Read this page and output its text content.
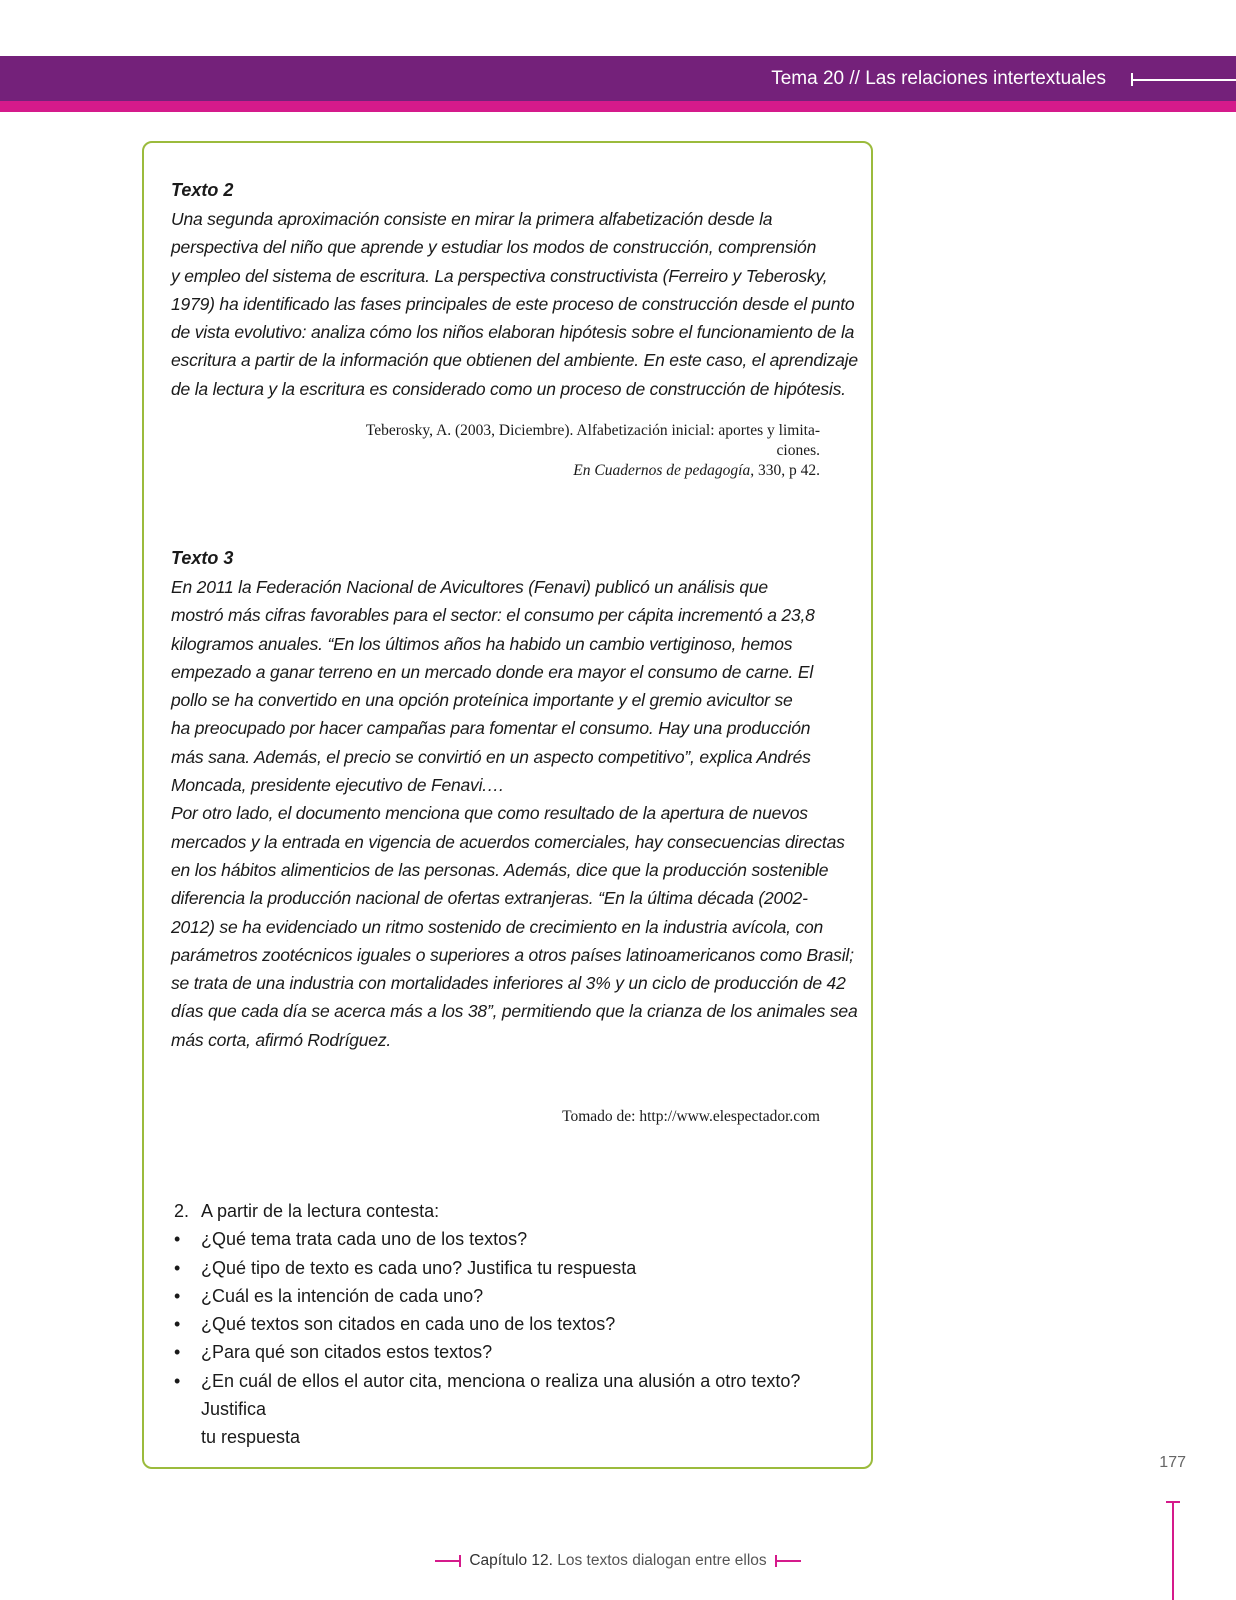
Tema 20 // Las relaciones intertextuales
Texto 2

Una segunda aproximación consiste en mirar la primera alfabetización desde la
perspectiva del niño que aprende y estudiar los modos de construcción, comprensión
y empleo del sistema de escritura. La perspectiva constructivista (Ferreiro y Teberosky,
1979) ha identificado las fases principales de este proceso de construcción desde el punto
de vista evolutivo: analiza cómo los niños elaboran hipótesis sobre el funcionamiento de la
escritura a partir de la información que obtienen del ambiente. En este caso, el aprendizaje
de la lectura y la escritura es considerado como un proceso de construcción de hipótesis.

Teberosky, A. (2003, Diciembre). Alfabetización inicial: aportes y limita-
ciones.
En Cuadernos de pedagogía, 330, p 42.
Texto 3

En 2011 la Federación Nacional de Avicultores (Fenavi) publicó un análisis que
mostró más cifras favorables para el sector: el consumo per cápita incrementó a 23,8
kilogramos anuales. “En los últimos años ha habido un cambio vertiginoso, hemos
empezado a ganar terreno en un mercado donde era mayor el consumo de carne. El
pollo se ha convertido en una opción proteínica importante y el gremio avicultor se
ha preocupado por hacer campañas para fomentar el consumo. Hay una producción
más sana. Además, el precio se convirtió en un aspecto competitivo”, explica Andrés
Moncada, presidente ejecutivo de Fenavi.…
Por otro lado, el documento menciona que como resultado de la apertura de nuevos
mercados y la entrada en vigencia de acuerdos comerciales, hay consecuencias directas
en los hábitos alimenticios de las personas. Además, dice que la producción sostenible
diferencia la producción nacional de ofertas extranjeras. “En la última década (2002-
2012) se ha evidenciado un ritmo sostenido de crecimiento en la industria avícola, con
parámetros zootécnicos iguales o superiores a otros países latinoamericanos como Brasil;
se trata de una industria con mortalidades inferiores al 3% y un ciclo de producción de 42
días que cada día se acerca más a los 38”, permitiendo que la crianza de los animales sea
más corta, afirmó Rodríguez.

Tomado de: http://www.elespectador.com
2. A partir de la lectura contesta:
• ¿Qué tema trata cada uno de los textos?
• ¿Qué tipo de texto es cada uno? Justifica tu respuesta
• ¿Cuál es la intención de cada uno?
• ¿Qué textos son citados en cada uno de los textos?
• ¿Para qué son citados estos textos?
• ¿En cuál de ellos el autor cita, menciona o realiza una alusión a otro texto? Justifica
tu respuesta
177
Capítulo 12. Los textos dialogan entre ellos
